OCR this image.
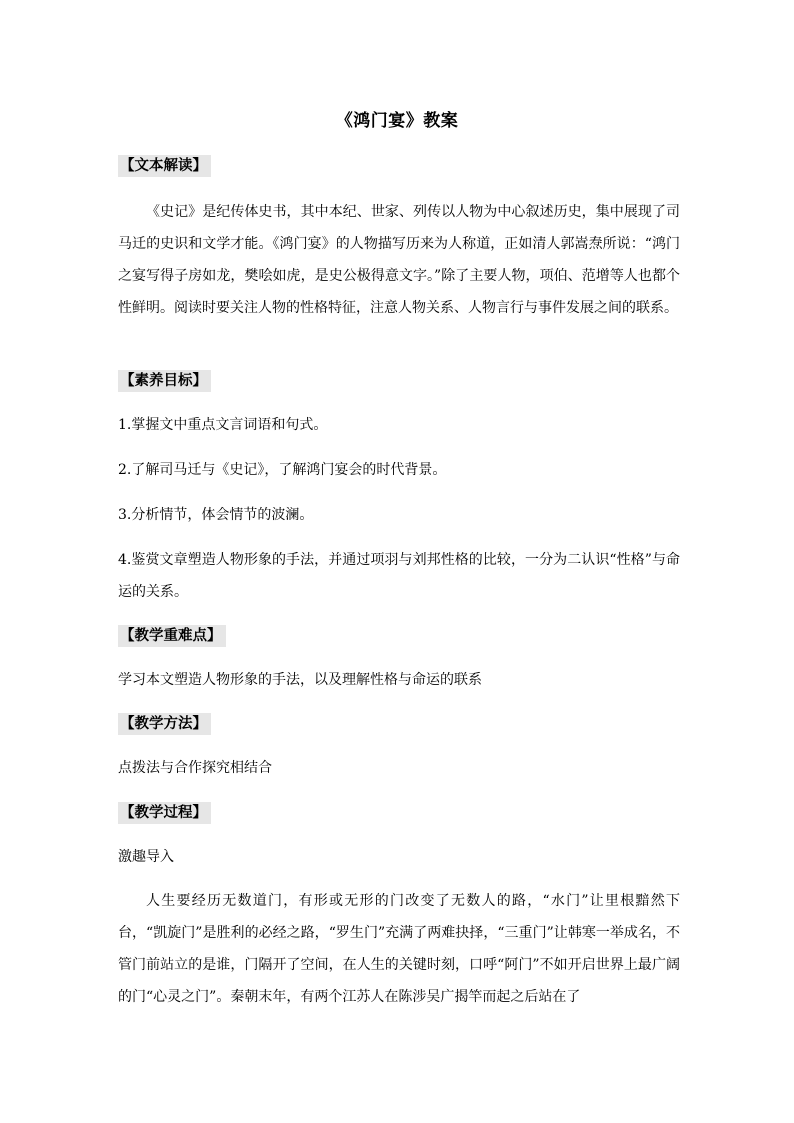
《鸿门宴》教案
【文本解读】

《史记》是纪传体史书，其中本纪、世家、列传以人物为中心叙述历史，集中展现了司马迁的史识和文学才能。《鸿门宴》的人物描写历来为人称道，正如清人郭嵩焘所说：“鸿门之宴写得子房如龙，樊哙如虎，是史公极得意文字。”除了主要人物，项伯、范增等人也都个性鲜明。阅读时要关注人物的性格特征，注意人物关系、人物言行与事件发展之间的联系。

【素养目标】
1.掌握文中重点文言词语和句式。
2.了解司马迁与《史记》，了解鸿门宴会的时代背景。
3.分析情节，体会情节的波澜。

4.鉴赏文章塑造人物形象的手法，并通过项羽与刘邦性格的比较，一分为二认识“性格”与命运的关系。

【教学重难点】
学习本文塑造人物形象的手法，以及理解性格与命运的联系
【教学方法】
点拨法与合作探究相结合
【教学过程】
激趣导入

人生要经历无数道门，有形或无形的门改变了无数人的路，“水门”让里根黯然下台，“凯旋门”是胜利的必经之路，“罗生门”充满了两难抉择，“三重门”让韩寒一举成名，不管门前站立的是谁，门隔开了空间，在人生的关键时刻，口呼“阿门”不如开启世界上最广阔的门“心灵之门”。秦朝末年，有两个江苏人在陈涉吴广揭竿而起之后站在了
